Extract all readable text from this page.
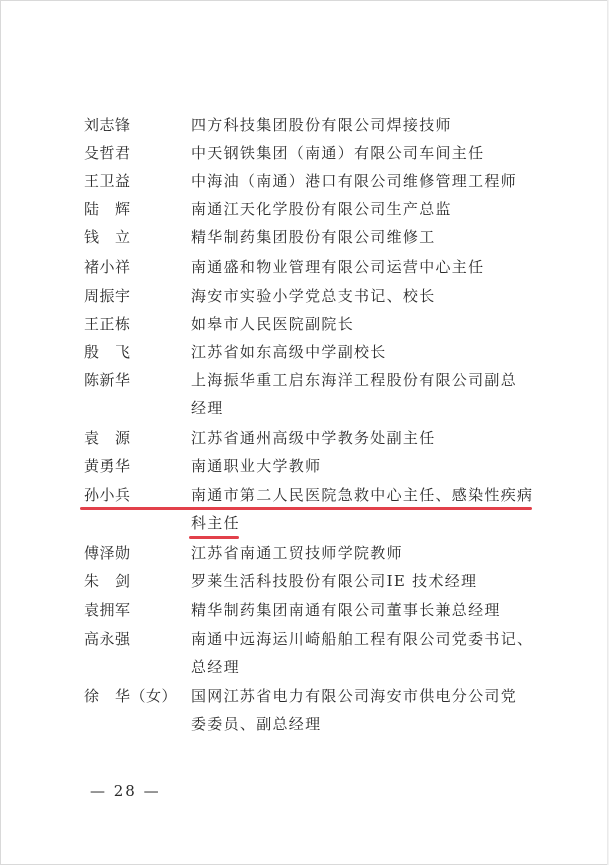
刘志锋	四方科技集团股份有限公司焊接技师
殳哲君	中天钢铁集团（南通）有限公司车间主任
王卫益	中海油（南通）港口有限公司维修管理工程师
陆　辉	南通江天化学股份有限公司生产总监
钱　立	精华制药集团股份有限公司维修工
褚小祥	南通盛和物业管理有限公司运营中心主任
周振宇	海安市实验小学党总支书记、校长
王正栋	如皋市人民医院副院长
殷　飞	江苏省如东高级中学副校长
陈新华	上海振华重工启东海洋工程股份有限公司副总
经理
袁　源	江苏省通州高级中学教务处副主任
黄勇华	南通职业大学教师
孙小兵	南通市第二人民医院急救中心主任、感染性疾病
科主任
傅泽勋	江苏省南通工贸技师学院教师
朱　剑	罗莱生活科技股份有限公司IE 技术经理
袁拥军	精华制药集团南通有限公司董事长兼总经理
高永强	南通中远海运川崎船舶工程有限公司党委书记、
总经理
徐　华（女） 国网江苏省电力有限公司海安市供电分公司党
委委员、副总经理
— 28 —
